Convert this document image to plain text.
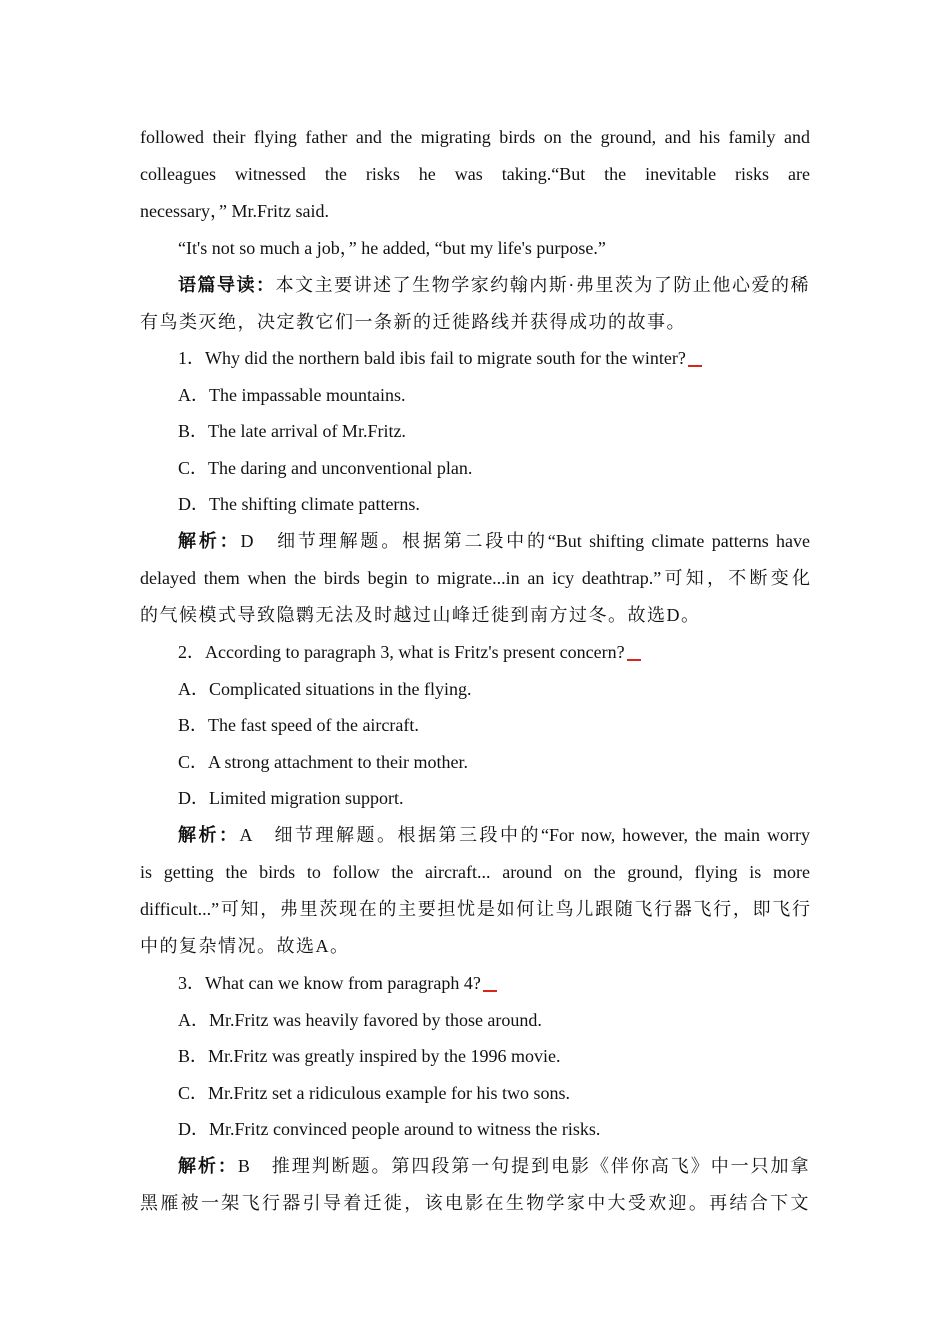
followed their flying father and the migrating birds on the ground, and his family and
colleagues witnessed the risks he was taking.“But the inevitable risks are
necessary，” Mr.Fritz said.
“It's not so much a job，” he added, “but my life's purpose.”
语篇导读：本文主要讲述了生物学家约翰内斯·弗里茨为了防止他心爱的稀
有鸟类灭绝，决定教它们一条新的迁徙路线并获得成功的故事。
1．Why did the northern bald ibis fail to migrate south for the winter?
A．The impassable mountains.
B．The late arrival of Mr.Fritz.
C．The daring and unconventional plan.
D．The shifting climate patterns.
解析：D　细节理解题。根据第二段中的“But shifting climate patterns have
delayed them when the birds begin to migrate...in an icy deathtrap.”可知，不断变化
的气候模式导致隐鹮无法及时越过山峰迁徙到南方过冬。故选D。
2．According to paragraph 3, what is Fritz's present concern?
A．Complicated situations in the flying.
B．The fast speed of the aircraft.
C．A strong attachment to their mother.
D．Limited migration support.
解析：A　细节理解题。根据第三段中的“For now, however, the main worry
is getting the birds to follow the aircraft... around on the ground, flying is more
difficult...”可知，弗里茨现在的主要担忧是如何让鸟儿跟随飞行器飞行，即飞行
中的复杂情况。故选A。
3．What can we know from paragraph 4?
A．Mr.Fritz was heavily favored by those around.
B．Mr.Fritz was greatly inspired by the 1996 movie.
C．Mr.Fritz set a ridiculous example for his two sons.
D．Mr.Fritz convinced people around to witness the risks.
解析：B　推理判断题。第四段第一句提到电影《伴你高飞》中一只加拿
黑雁被一架飞行器引导着迁徙，该电影在生物学家中大受欢迎。再结合下文
